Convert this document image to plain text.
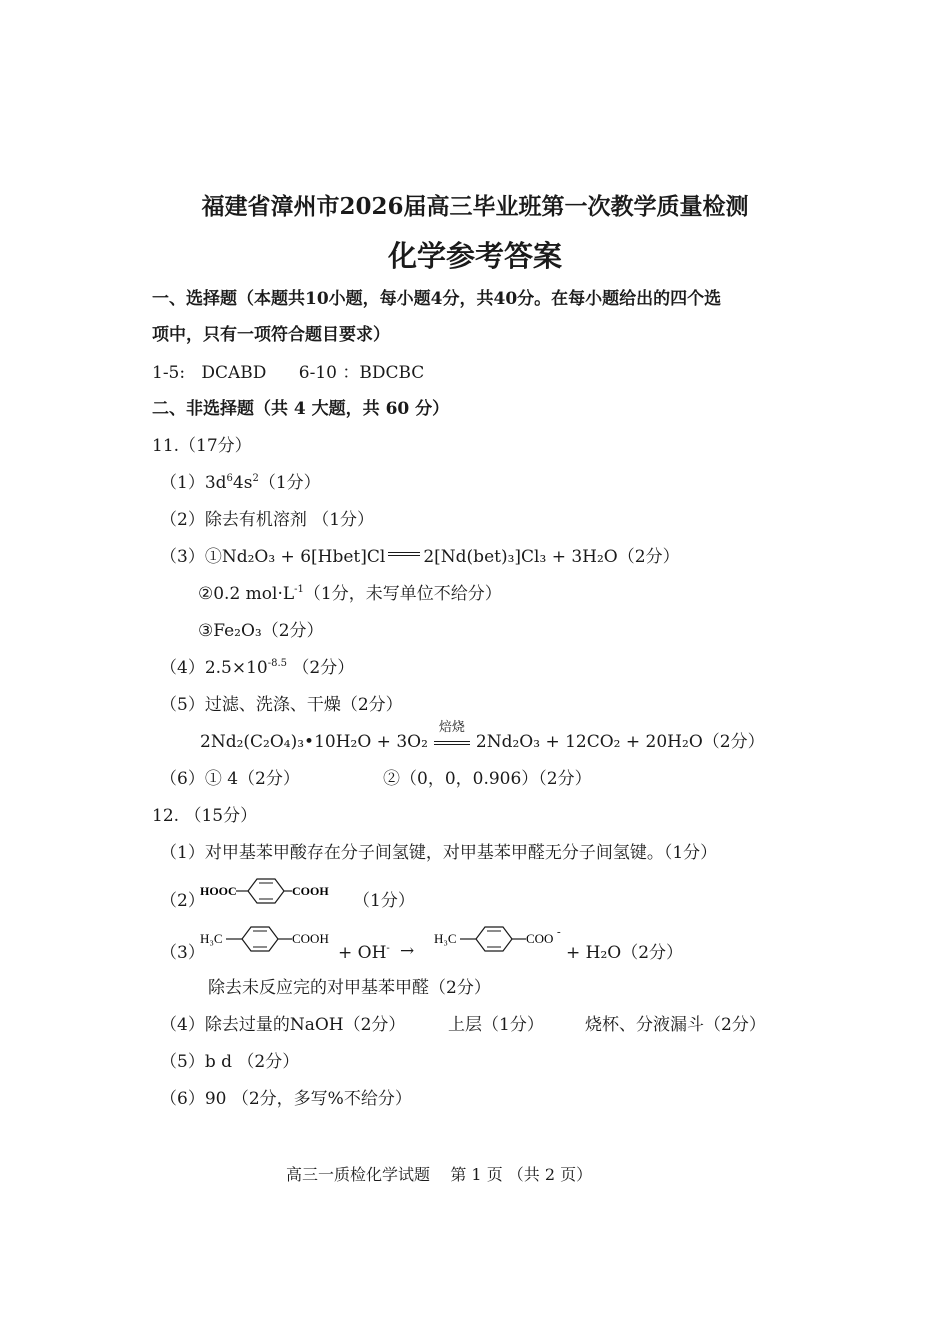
福建省漳州市2026届高三毕业班第一次教学质量检测
化学参考答案
一、选择题（本题共10小题，每小题4分，共40分。在每小题给出的四个选
项中，只有一项符合题目要求）
1-5:   DCABD      6-10 ：BDCBC
二、非选择题（共 4 大题，共 60 分）
11.（17分）
$(1)3d^64s^2(1$分）
（2）除去有机溶剂 （1分）
（3）①Nd₂O₃ + 6[Hbet]Cl 2[Nd(bet)₃]Cl₃ + 3H₂O（2分）
②0.2 $mol\cdot L^{-1}(1$分，未写单位不给分）
③Fe₂O₃（2分）
$(4)2.5\times 10^{-8.5}$ （2分）
（5）过滤、洗涤、干燥（2分）
2Nd₂(C₂O₄)₃•10H₂O + 3O₂
焙烧
2Nd₂O₃ + 12CO₂ + 20H₂O（2分）
（6）① 4（2分）	②（0，0，0.906）（2分）
12. （15分）
（1）对甲基苯甲酸存在分子间氢键，对甲基苯甲醛无分子间氢键。（1分）
（2）
HOOC	COOH （1分）
（3）
H₃C	COOH
+ OH- →
H₃C	COO -
+ H₂O（2分）
除去未反应完的对甲基苯甲醛（2分）
（4）除去过量的NaOH（2分）	上层（1分） 烧杯、分液漏斗（2分）
（5）b d （2分）
（6）90 （2分，多写%不给分）
高三一质检化学试题    第 1 页 （共 2 页）
